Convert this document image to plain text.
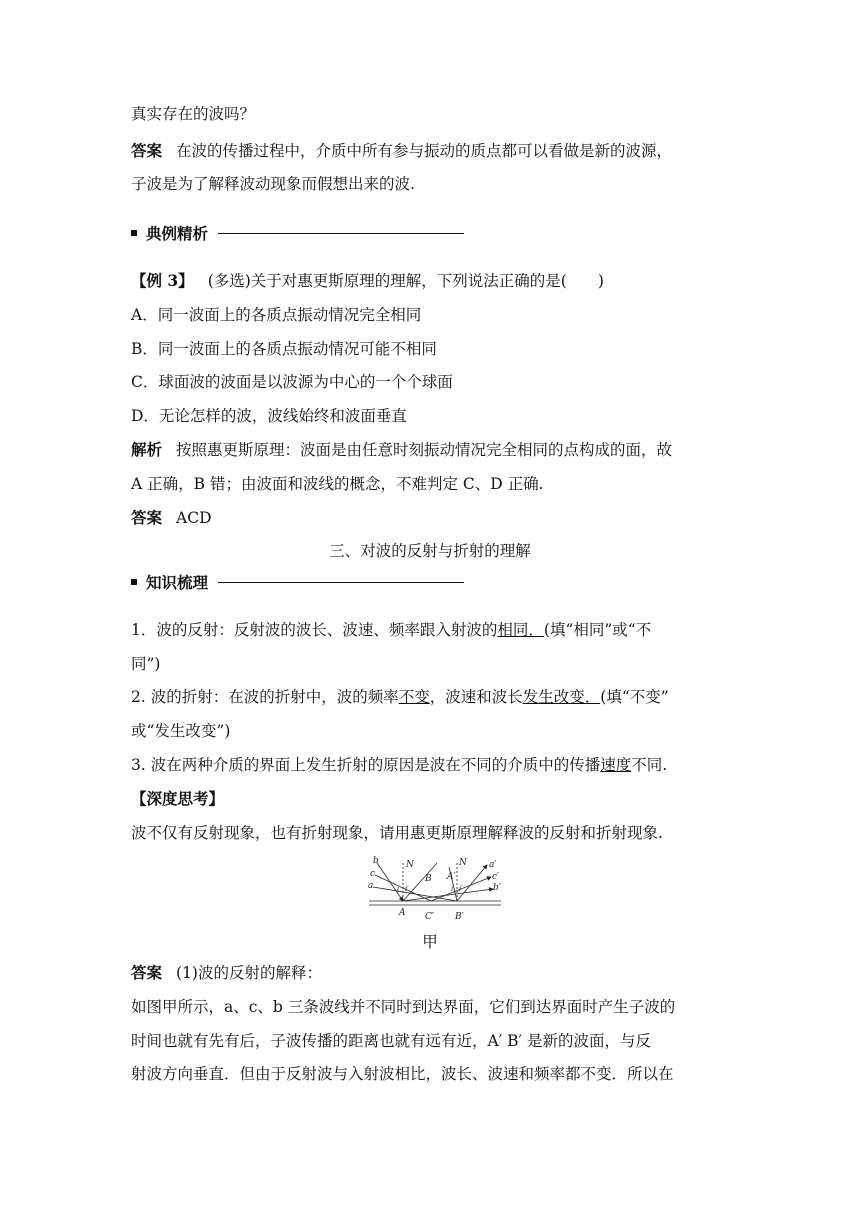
真实存在的波吗？
答案 在波的传播过程中，介质中所有参与振动的质点都可以看做是新的波源，
子波是为了解释波动现象而假想出来的波.
典例精析
【例 3】 (多选)关于对惠更斯原理的理解，下列说法正确的是(　　)
A．同一波面上的各质点振动情况完全相同
B．同一波面上的各质点振动情况可能不相同
C．球面波的波面是以波源为中心的一个个球面
D．无论怎样的波，波线始终和波面垂直
解析 按照惠更斯原理：波面是由任意时刻振动情况完全相同的点构成的面，故
A 正确，B 错；由波面和波线的概念，不难判定 C、D 正确.
答案 ACD
三、对波的反射与折射的理解
知识梳理
1．波的反射：反射波的波长、波速、频率跟入射波的相同．(填“相同”或“不
同”)
2. 波的折射：在波的折射中，波的频率不变，波速和波长发生改变．(填“不变”
或“发生改变”)
3. 波在两种介质的界面上发生折射的原因是波在不同的介质中的传播速度不同.
【深度思考】
波不仅有反射现象，也有折射现象，请用惠更斯原理解释波的反射和折射现象.
b
c
a
N	N
B A′
a′
c′
b′
i	i
i′	i′
A C′ B′
甲
答案 (1)波的反射的解释：
如图甲所示，a、c、b 三条波线并不同时到达界面，它们到达界面时产生子波的
时间也就有先有后，子波传播的距离也就有远有近，A′ B′ 是新的波面，与反
射波方向垂直．但由于反射波与入射波相比，波长、波速和频率都不变．所以在
